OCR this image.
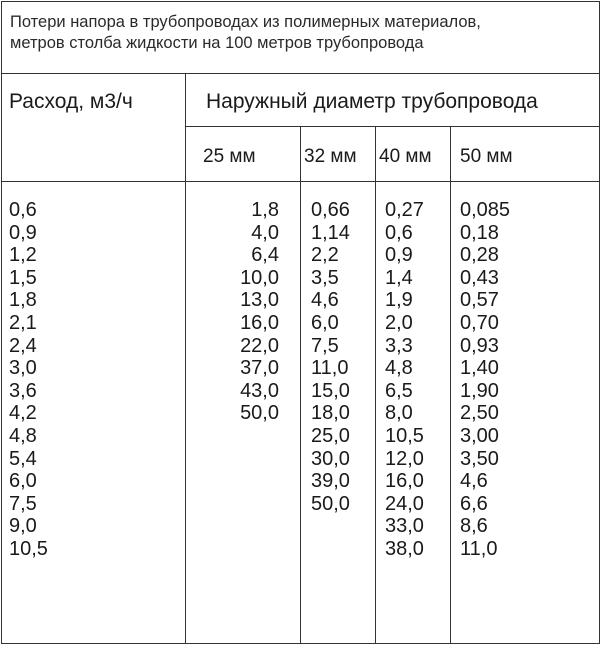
Потери напора в трубопроводах из полимерных материалов,
метров столба жидкости на 100 метров трубопровода
Расход, м3/ч	Наружный диаметр трубопровода
25 мм	32 мм 40 мм 50 мм
0,6
0,9
1,2
1,5
1,8
2,1
2,4
3,0
3,6
4,2
4,8
5,4
6,0
7,5
9,0
10,5
1,8
4,0
6,4
10,0
13,0
16,0
22,0
37,0
43,0
50,0
0,66
1,14
2,2
3,5
4,6
6,0
7,5
11,0
15,0
18,0
25,0
30,0
39,0
50,0
0,27
0,6
0,9
1,4
1,9
2,0
3,3
4,8
6,5
8,0
10,5
12,0
16,0
24,0
33,0
38,0
0,085
0,18
0,28
0,43
0,57
0,70
0,93
1,40
1,90
2,50
3,00
3,50
4,6
6,6
8,6
11,0
